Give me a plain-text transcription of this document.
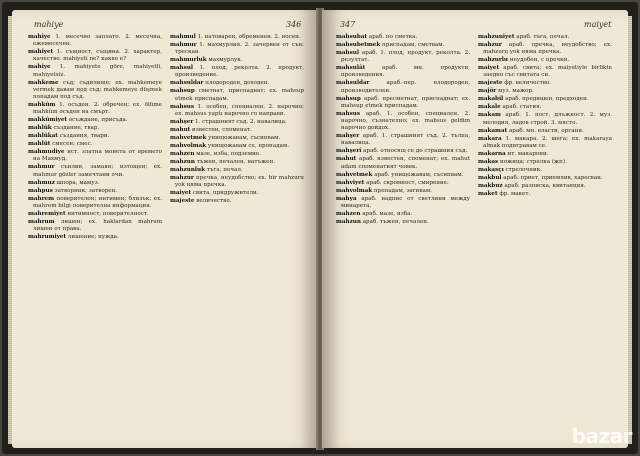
mahiye	346

mahiye 1. месечно заплато. 2. месечна, ежемесечен.

mahiyet 1. същност, същина. 2. характер, качество. mahiyeti ne? какво е?

mahiye 1. mahiyete göre, mahiyetli, mahiyetsiz.

mahkeme съд; съдилище; ex. mahkemeye vermek давам под съд; mahkemeye düşmek попадам под съд.

mahkûm 1. осъден. 2. обречен; ex. ölüme mahkûm осъден на смърт.

mahkûmiyet осъждане, присъда.

mahlûk създание, твар.

mahlûkat създания, твари.

mahlût смесен; смес.

mahmudiye ист. златна монета от времето на Махмуд.

mahmur сънлив, замаян; изтощен; ex. mahmur gözler замечтани очи.

mahmuz шпора, мамуз.

mahpus затворник; затворен.

mahrem поверителен; интимен; близък; ex. mahrem bilgi поверителна информация.

mahremiyet интимност, поверителност.

mahrum лишен; ex. haklardan mahrum лишен от права.

mahrumiyet лишение; нужда.

mahmul 1. натоварен, обременен. 2. носен.

mahmur 1. махмурлия. 2. зачервен от сън; трескав.

mahmurluk махмурлук.

mahsul 1. плод, реколта. 2. продукт, произведение.

mahsuldar плодороден, доходен.

mahsup сметнат, приспаднат; ex. mahsup etmek приспадам.

mahsus 1. особен, специален. 2. нарочно; ex. mahsus yaptı нарочно го направи.

mahşer 1. страшният съд. 2. навалица.

mahut известен, споменат.

mahvetmek унищожавам, съсипвам.

mahvolmak унищожавам се, пропадам.

mahzen мазе, изба, подземие.

mahzun тъжен, печален, натъжен.

mahzunluk тъга, печал.

mahzur пречка, неудобство; ex. bir mahzuru yok няма пречка.

maiyet свита, придружители.

majeste величество.

347	maiyet

mahsubat араб. по сметка.

mahsubetmek приспадам, сметвам.

mahsul араб. 1. плод, продукт, реколта. 2. резултат.

mahsulât араб. мн. продукти, произведения.

mahsuldar араб.-пер. плодороден, производителен.

mahsup араб. пресметнат, приспаднат; ex. mahsup etmek приспадам.

mahsus араб. 1. особен, специален. 2. нарочно, съзнателно; ex. mahsus geldim нарочно дойдох.

mahşer араб. 1. страшният съд. 2. тълпа, навалица.

mahşerî араб. относящ се до страшния съд.

mahut араб. известен, споменат; ex. mahut adam споменатият човек.

mahvetmek араб. унищожавам, съсипвам.

mahviyet араб. скромност, смирение.

mahvolmak пропадам, загивам.

mahya араб. надпис от светлини между минарета.

mahzen араб. мазе, изба.

mahzun араб. тъжен, печален.

mahzuniyet араб. тъга, печал.

mahzur араб. пречка, неудобство; ex. mahzuru yok няма пречка.

mahzurlu неудобен, с пречки.

maiyet араб. свита; ex. maiyetiyle birlikte заедно със свитата си.

majeste фр. величество.

majör муз. мажор.

makabil араб. предишен, предходен.

makale араб. статия.

makam араб. 1. пост, длъжност. 2. муз. мелодия, ладов строй. 3. място.

makamat араб. мн. власти, органи.

makara 1. макара. 2. шега; ex. makaraya almak подигравам се.

makarna ит. макарони.

makas ножица; стрелка (жп).

makasçı стрелочник.

makbul араб. приет, приемлив, харесван.

makbuz араб. разписка, квитанция.

maket фр. макет.

bazar
